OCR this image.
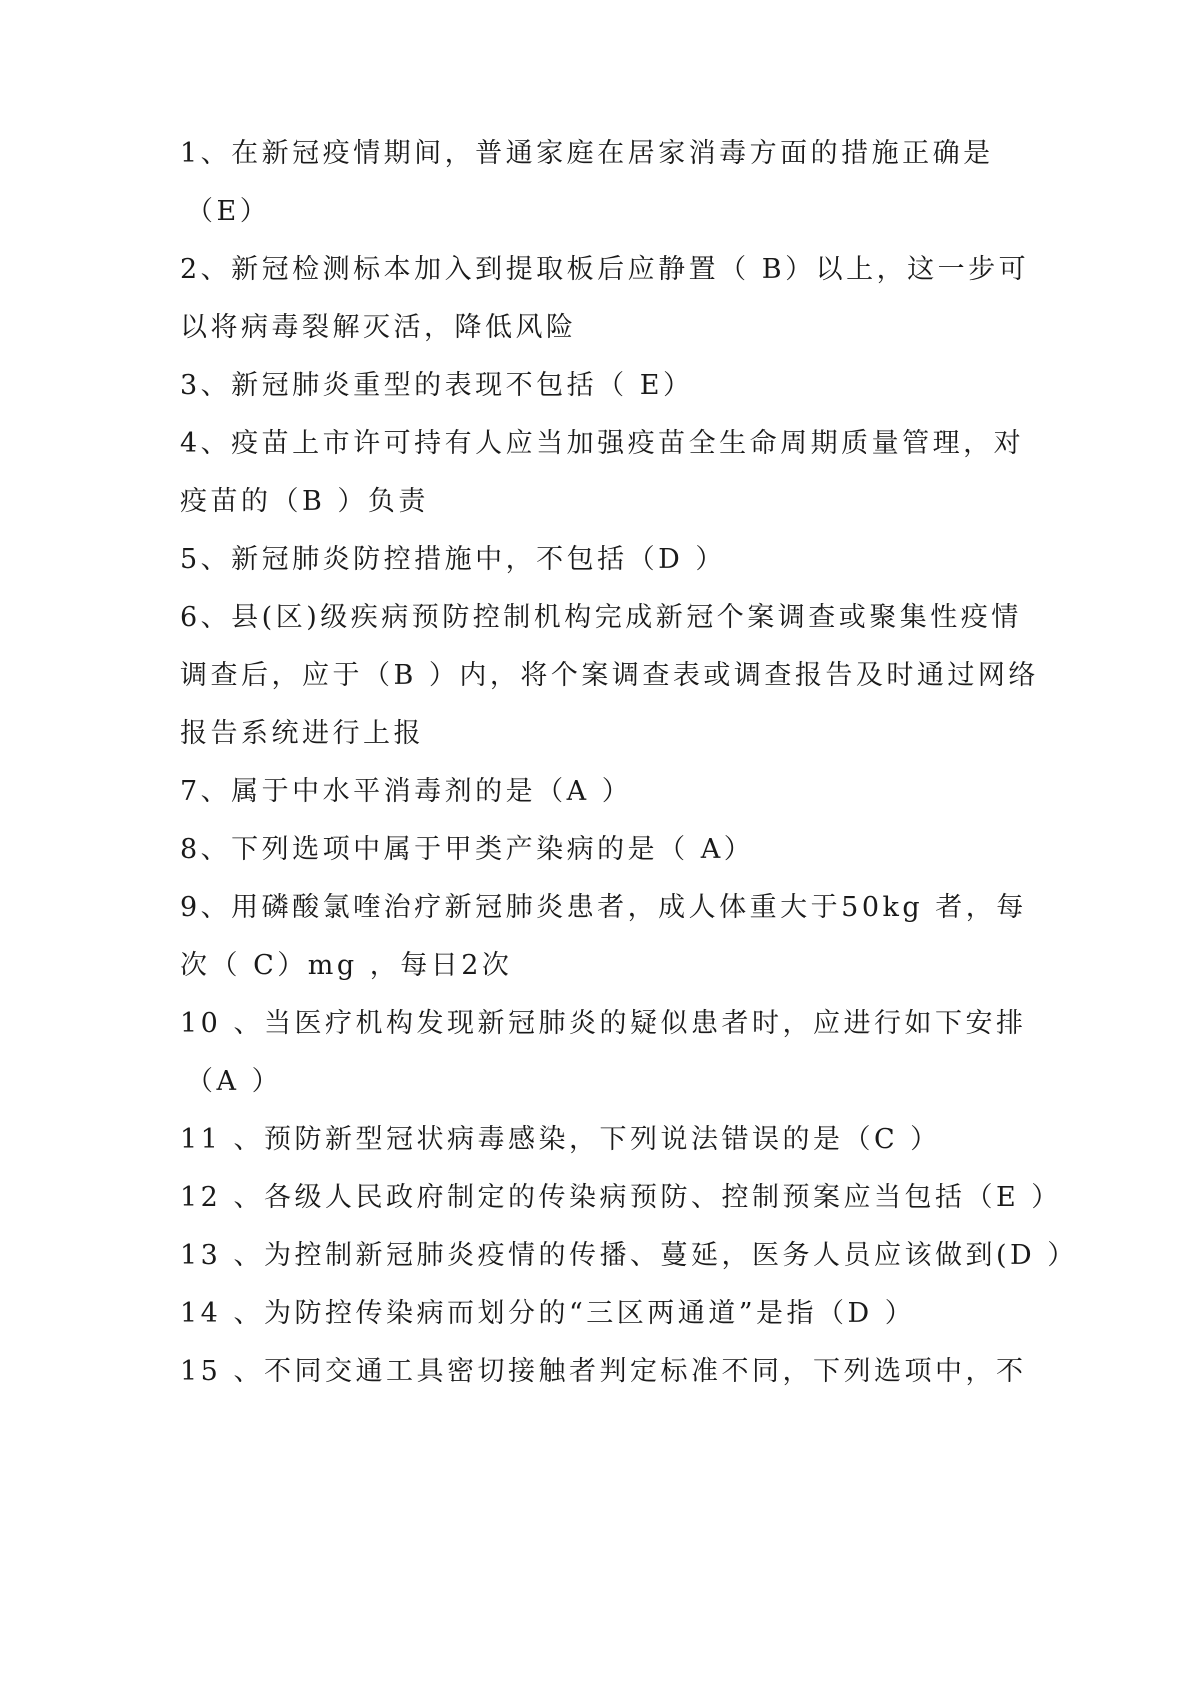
1、在新冠疫情期间，普通家庭在居家消毒方面的措施正确是
（E）
2、新冠检测标本加入到提取板后应静置（ B）以上，这一步可
以将病毒裂解灭活，降低风险
3、新冠肺炎重型的表现不包括（ E）
4、疫苗上市许可持有人应当加强疫苗全生命周期质量管理，对
疫苗的（B ）负责
5、新冠肺炎防控措施中，不包括（D ）
6、县(区)级疾病预防控制机构完成新冠个案调查或聚集性疫情
调查后，应于（B ）内，将个案调查表或调查报告及时通过网络
报告系统进行上报
7、属于中水平消毒剂的是（A ）
8、下列选项中属于甲类产染病的是（ A）
9、用磷酸氯喹治疗新冠肺炎患者，成人体重大于50kg 者，每
次（ C）mg ，每日2次
10 、当医疗机构发现新冠肺炎的疑似患者时，应进行如下安排
（A ）
11 、预防新型冠状病毒感染，下列说法错误的是（C ）
12 、各级人民政府制定的传染病预防、控制预案应当包括（E ）
13 、为控制新冠肺炎疫情的传播、蔓延，医务人员应该做到(D ）
14 、为防控传染病而划分的“三区两通道”是指（D ）
15 、不同交通工具密切接触者判定标准不同，下列选项中，不
